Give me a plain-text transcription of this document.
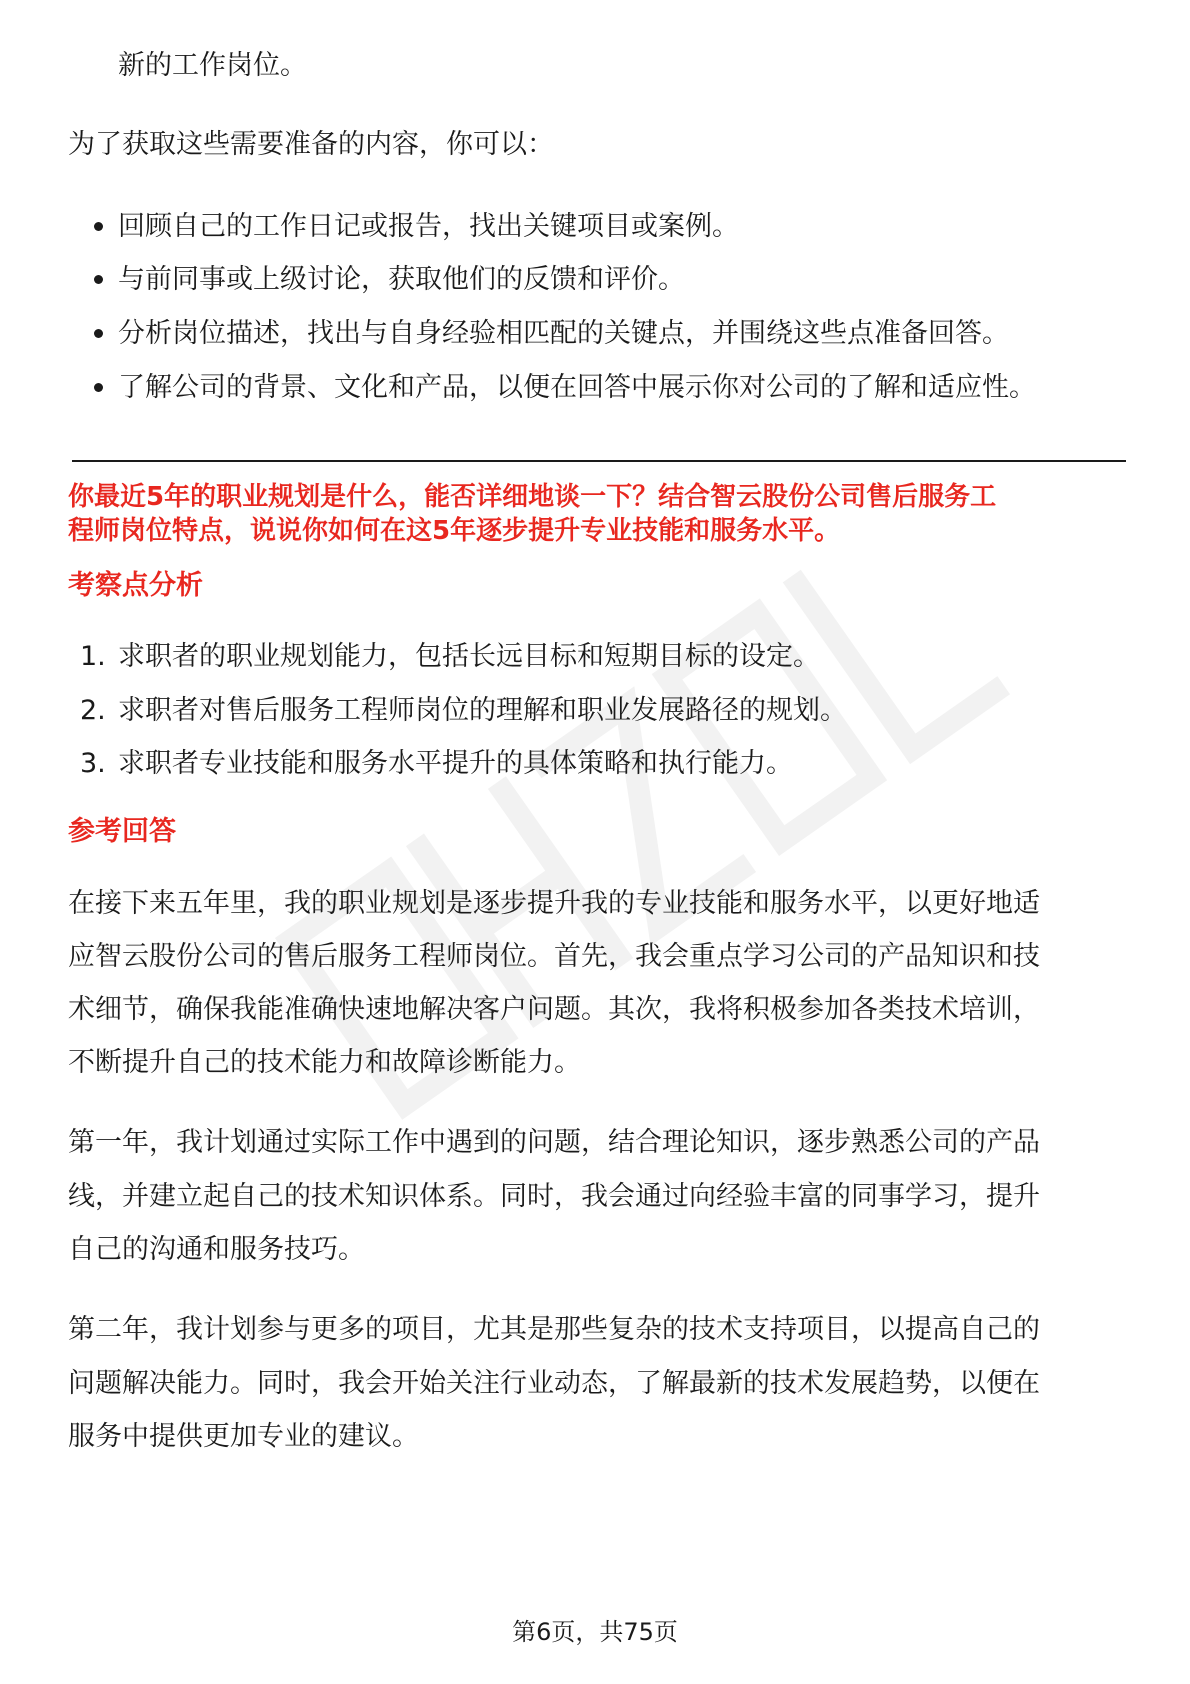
新的工作岗位。
为了获取这些需要准备的内容，你可以：
回顾自己的工作日记或报告，找出关键项目或案例。
与前同事或上级讨论，获取他们的反馈和评价。
分析岗位描述，找出与自身经验相匹配的关键点，并围绕这些点准备回答。
了解公司的背景、文化和产品，以便在回答中展示你对公司的了解和适应性。
你最近5年的职业规划是什么，能否详细地谈一下？结合智云股份公司售后服务工
程师岗位特点，说说你如何在这5年逐步提升专业技能和服务水平。
考察点分析
1. 求职者的职业规划能力，包括长远目标和短期目标的设定。
2. 求职者对售后服务工程师岗位的理解和职业发展路径的规划。
3. 求职者专业技能和服务水平提升的具体策略和执行能力。
参考回答
在接下来五年里，我的职业规划是逐步提升我的专业技能和服务水平，以更好地适
应智云股份公司的售后服务工程师岗位。首先，我会重点学习公司的产品知识和技
术细节，确保我能准确快速地解决客户问题。其次，我将积极参加各类技术培训，
不断提升自己的技术能力和故障诊断能力。
第一年，我计划通过实际工作中遇到的问题，结合理论知识，逐步熟悉公司的产品
线，并建立起自己的技术知识体系。同时，我会通过向经验丰富的同事学习，提升
自己的沟通和服务技巧。
第二年，我计划参与更多的项目，尤其是那些复杂的技术支持项目，以提高自己的
问题解决能力。同时，我会开始关注行业动态，了解最新的技术发展趋势，以便在
服务中提供更加专业的建议。
第6页，共75页
